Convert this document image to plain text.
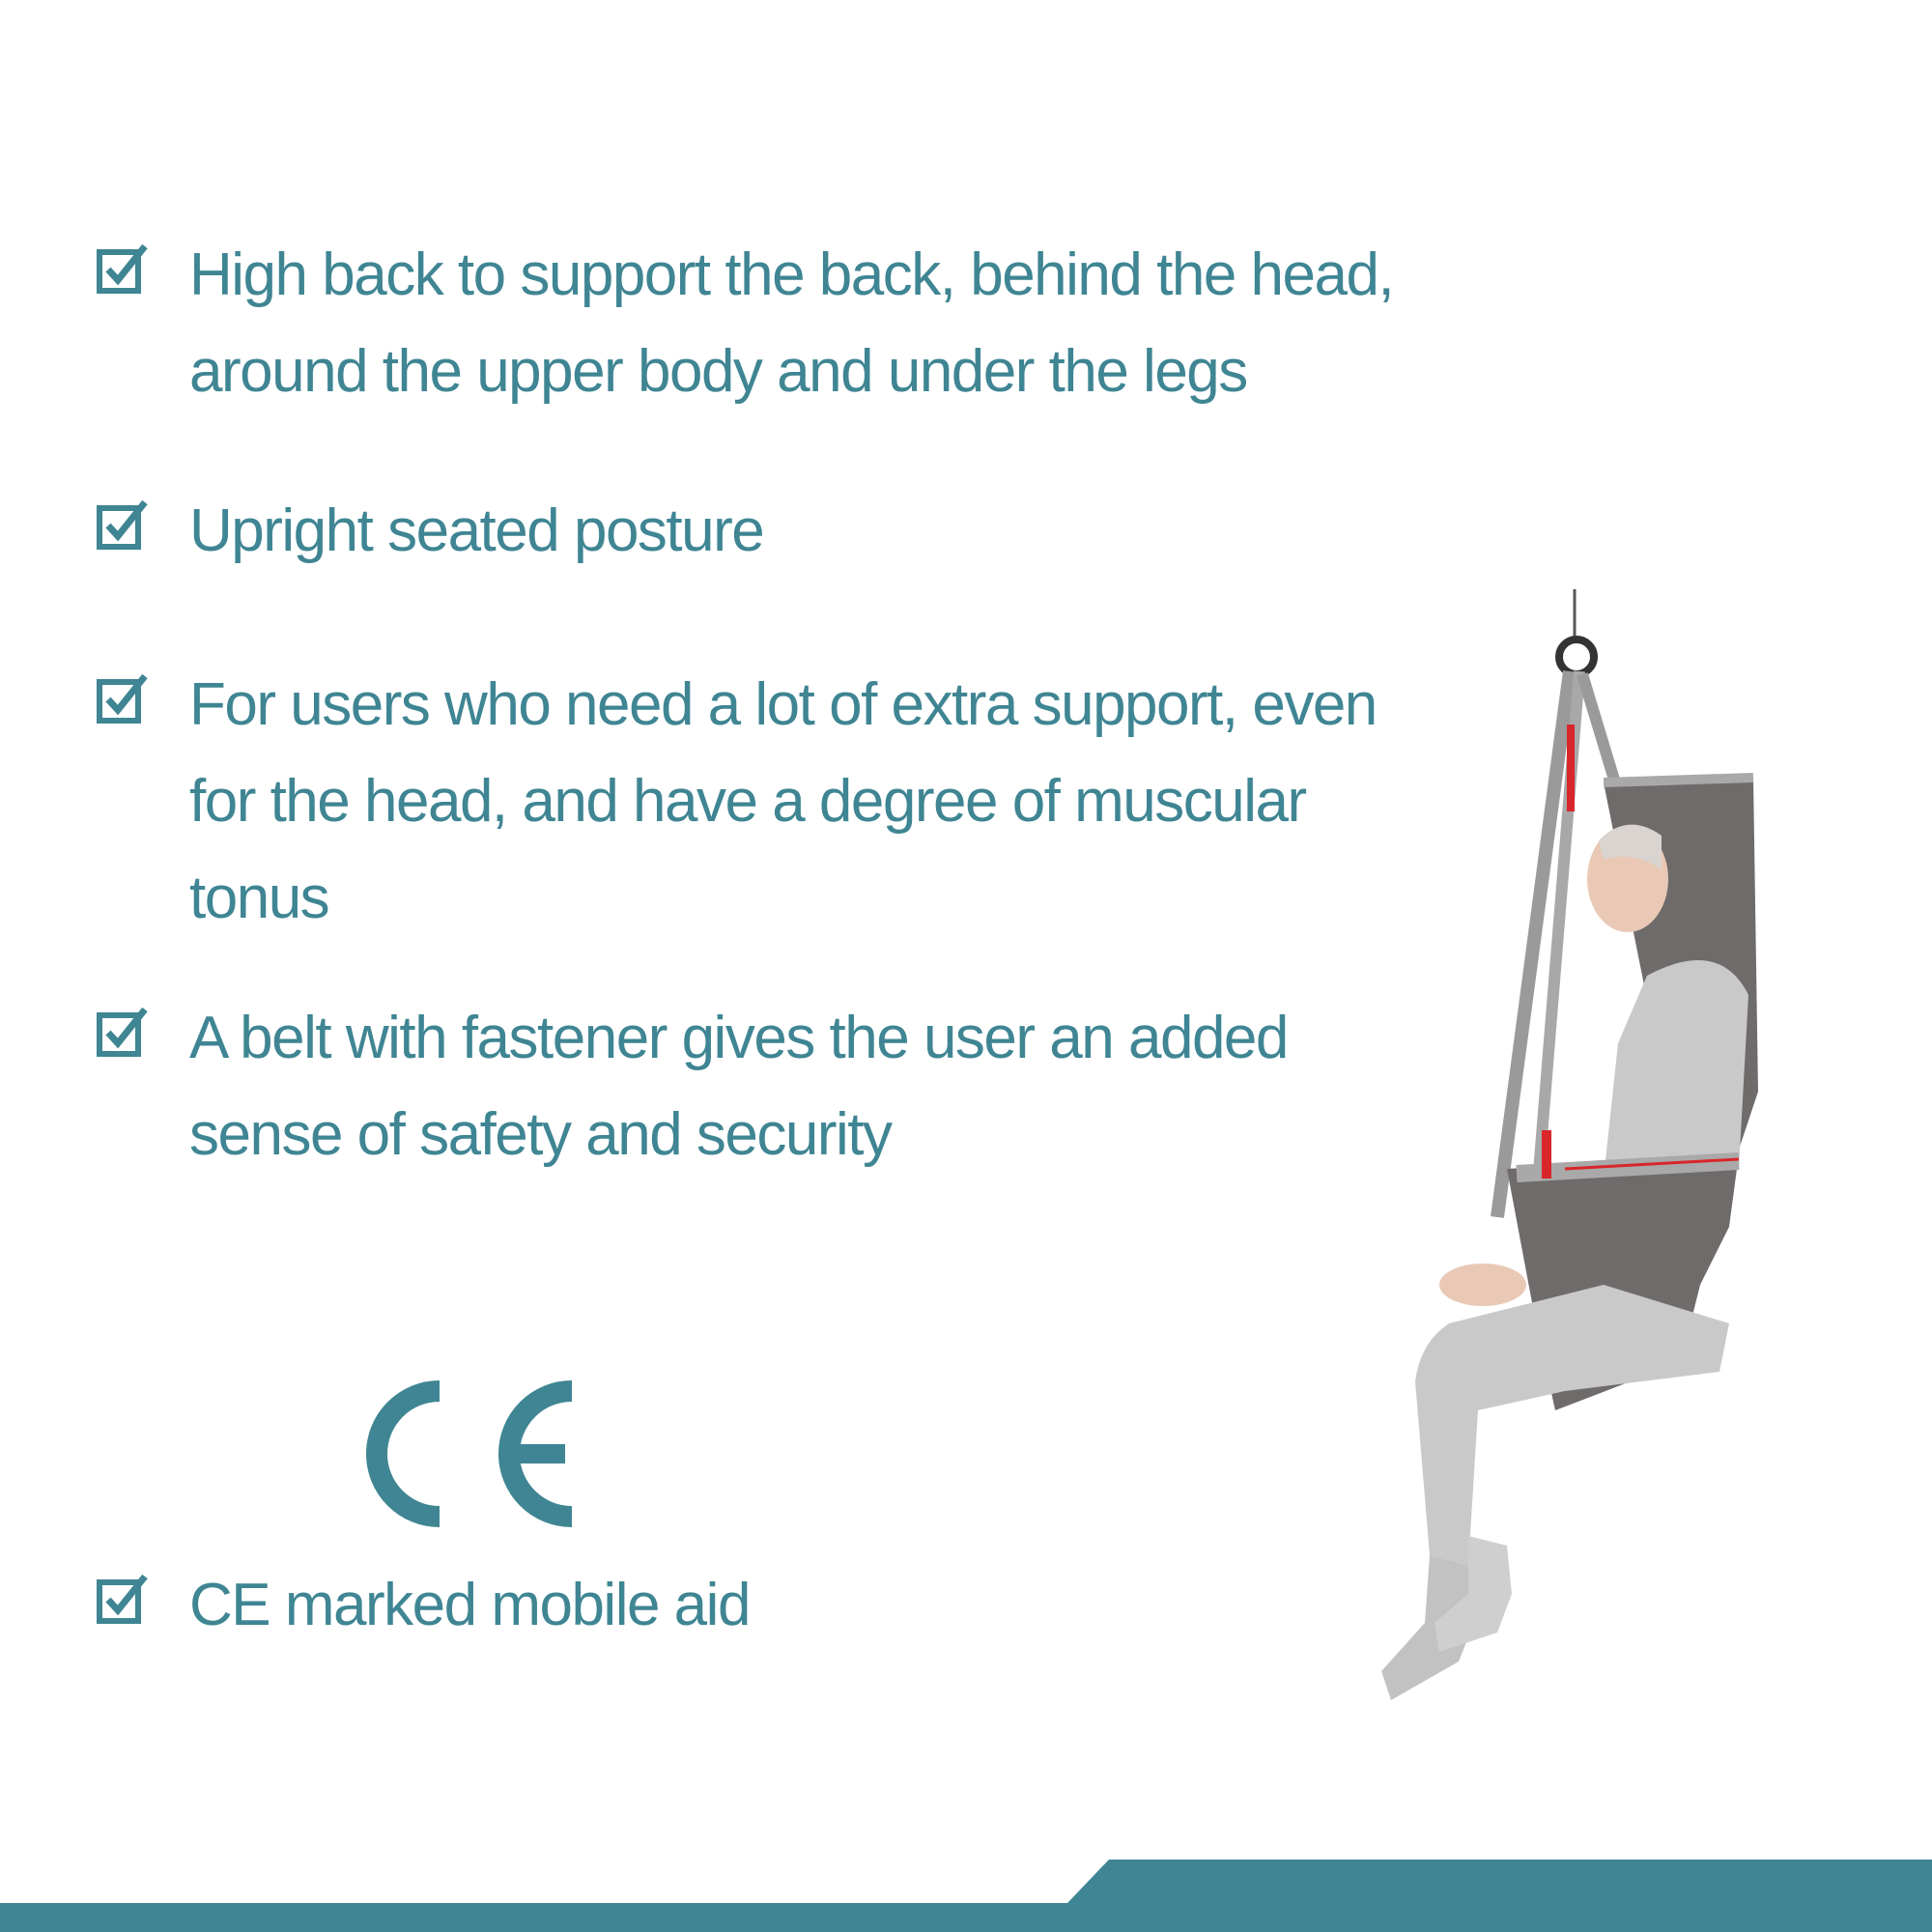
High back to support the back, behind the head,
around the upper body and under the legs

Upright seated posture

For users who need a lot of extra support, even
for the head, and have a degree of muscular
tonus

A belt with fastener gives the user an added
sense of safety and security

CE marked mobile aid
